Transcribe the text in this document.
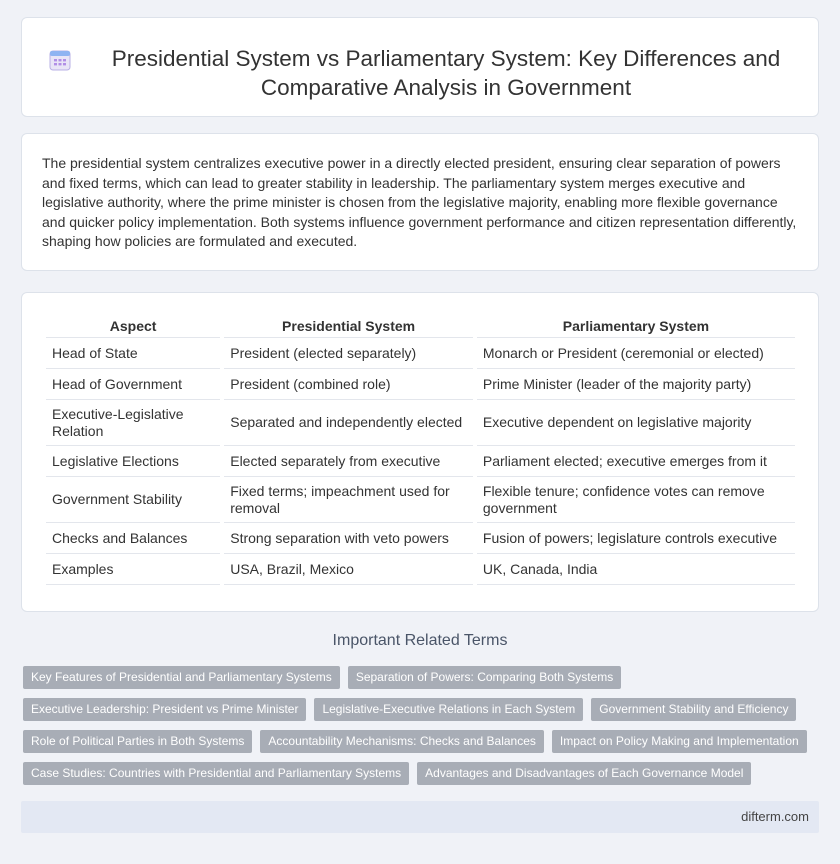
Presidential System vs Parliamentary System: Key Differences and Comparative Analysis in Government

The presidential system centralizes executive power in a directly elected president, ensuring clear separation of powers and fixed terms, which can lead to greater stability in leadership. The parliamentary system merges executive and legislative authority, where the prime minister is chosen from the legislative majority, enabling more flexible governance and quicker policy implementation. Both systems influence government performance and citizen representation differently, shaping how policies are formulated and executed.

Aspect	Presidential System	Parliamentary System
Head of State	President (elected separately)	Monarch or President (ceremonial or elected)
Head of Government	President (combined role)	Prime Minister (leader of the majority party)
Executive-Legislative Relation	Separated and independently elected	Executive dependent on legislative majority
Legislative Elections	Elected separately from executive	Parliament elected; executive emerges from it
Government Stability	Fixed terms; impeachment used for removal	Flexible tenure; confidence votes can remove government
Checks and Balances	Strong separation with veto powers	Fusion of powers; legislature controls executive
Examples	USA, Brazil, Mexico	UK, Canada, India
Important Related Terms
Key Features of Presidential and Parliamentary Systems	Separation of Powers: Comparing Both Systems
Executive Leadership: President vs Prime Minister	Legislative-Executive Relations in Each System	Government Stability and Efficiency
Role of Political Parties in Both Systems	Accountability Mechanisms: Checks and Balances	Impact on Policy Making and Implementation
Case Studies: Countries with Presidential and Parliamentary Systems	Advantages and Disadvantages of Each Governance Model
difterm.com
